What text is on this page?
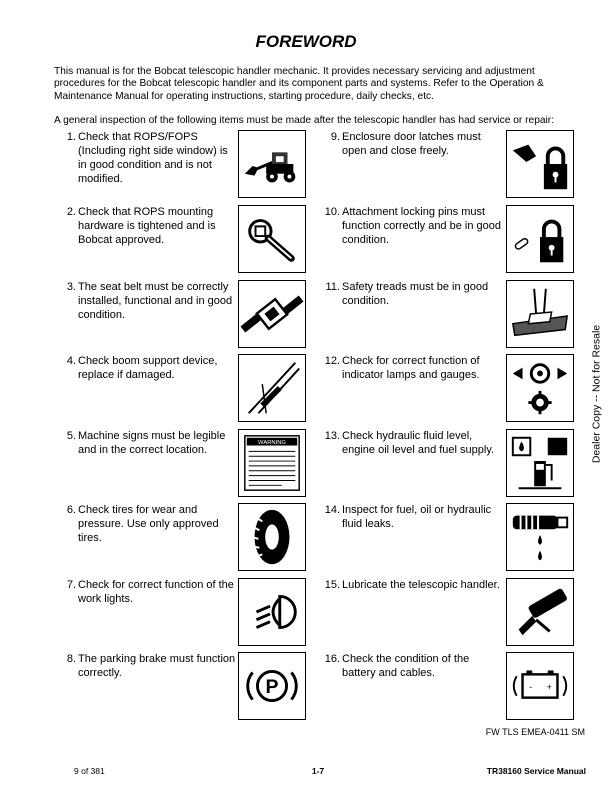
FOREWORD
This manual is for the Bobcat telescopic handler mechanic. It provides necessary servicing and adjustment procedures for the Bobcat telescopic handler and its component parts and systems. Refer to the Operation & Maintenance Manual for operating instructions, starting procedure, daily checks, etc.
A general inspection of the following items must be made after the telescopic handler has had service or repair:
1. Check that ROPS/FOPS (Including right side window) is in good condition and is not modified.
2. Check that ROPS mounting hardware is tightened and is Bobcat approved.
3. The seat belt must be correctly installed, functional and in good condition.
4. Check boom support device, replace if damaged.
5. Machine signs must be legible and in the correct location.
WARNING
6. Check tires for wear and pressure. Use only approved tires.
7. Check for correct function of the work lights.
8. The parking brake must function correctly.
P
9. Enclosure door latches must open and close freely.
10. Attachment locking pins must function correctly and be in good condition.
11. Safety treads must be in good condition.
12. Check for correct function of indicator lamps and gauges.
13. Check hydraulic fluid level, engine oil level and fuel supply.
14. Inspect for fuel, oil or hydraulic fluid leaks.
15. Lubricate the telescopic handler.
16. Check the condition of the battery and cables.
- +
Dealer Copy -- Not for Resale
FW TLS EMEA-0411 SM
9 of 381	1-7	TR38160 Service Manual
